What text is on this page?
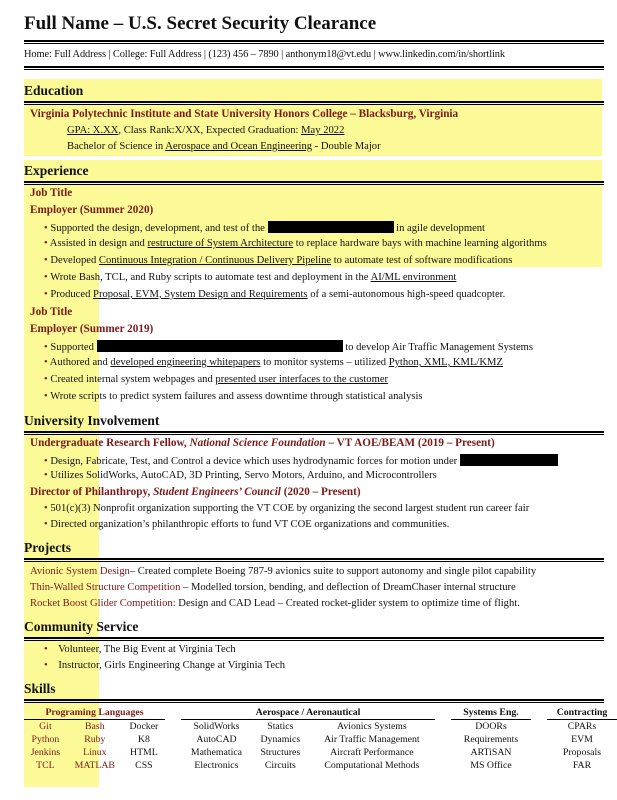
Full Name – U.S. Secret Security Clearance
Home: Full Address | College: Full Address | (123) 456 – 7890 | anthonym18@vt.edu | www.linkedin.com/in/shortlink
Education
Virginia Polytechnic Institute and State University Honors College – Blacksburg, Virginia
GPA: X.XX, Class Rank:X/XX, Expected Graduation: May 2022
Bachelor of Science in Aerospace and Ocean Engineering - Double Major
Experience
Job Title
Employer (Summer 2020)
• Supported the design, development, and test of the	in agile development
• Assisted in design and restructure of System Architecture to replace hardware bays with machine learning algorithms
• Developed Continuous Integration / Continuous Delivery Pipeline to automate test of software modifications
• Wrote Bash, TCL, and Ruby scripts to automate test and deployment in the AI/ML environment
• Produced Proposal, EVM, System Design and Requirements of a semi-autonomous high-speed quadcopter.
Job Title
Employer (Summer 2019)
• Supported	to develop Air Traffic Management Systems
• Authored and developed engineering whitepapers to monitor systems – utilized Python, XML, KML/KMZ
• Created internal system webpages and presented user interfaces to the customer
• Wrote scripts to predict system failures and assess downtime through statistical analysis
University Involvement
Undergraduate Research Fellow, National Science Foundation – VT AOE/BEAM (2019 – Present)
• Design, Fabricate, Test, and Control a device which uses hydrodynamic forces for motion under
• Utilizes SolidWorks, AutoCAD, 3D Printing, Servo Motors, Arduino, and Microcontrollers
Director of Philanthropy, Student Engineers’ Council (2020 – Present)
• 501(c)(3) Nonprofit organization supporting the VT COE by organizing the second largest student run career fair
• Directed organization’s philanthropic efforts to fund VT COE organizations and communities.
Projects
Avionic System Design– Created complete Boeing 787-9 avionics suite to support autonomy and single pilot capability
Thin-Walled Structure Competition – Modelled torsion, bending, and deflection of DreamChaser internal structure
Rocket Boost Glider Competition: Design and CAD Lead – Created rocket-glider system to optimize time of flight.
Community Service
• Volunteer, The Big Event at Virginia Tech
• Instructor, Girls Engineering Change at Virginia Tech
Skills
Programing Languages				Aerospace / Aeronautical				Systems Eng.		Contracting
Git	Bash	Docker		SolidWorks	Statics	Avionics Systems		DOORs		CPARs
Python	Ruby	K8		AutoCAD	Dynamics	Air Traffic Management		Requirements		EVM
Jenkins	Linux	HTML		Mathematica	Structures	Aircraft Performance		ARTiSAN		Proposals
TCL	MATLAB	CSS		Electronics	Circuits	Computational Methods		MS Office		FAR
